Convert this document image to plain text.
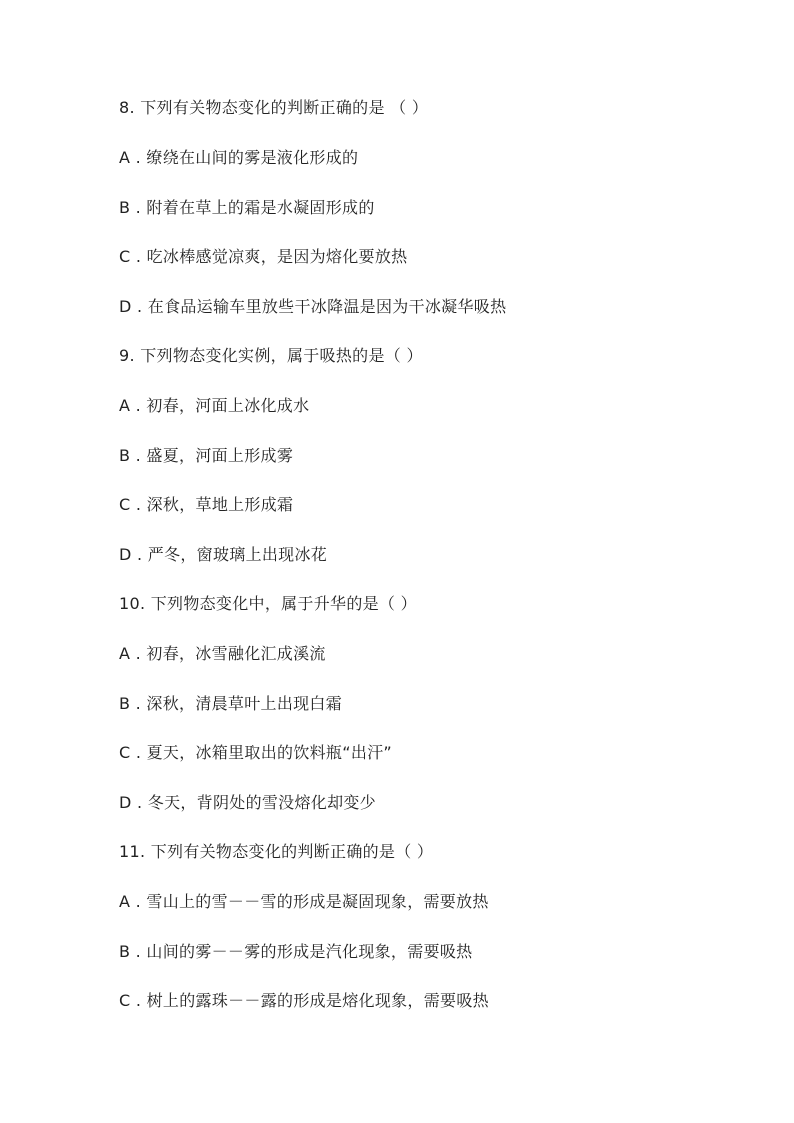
8. 下列有关物态变化的判断正确的是 （ ）
A . 缭绕在山间的雾是液化形成的
B . 附着在草上的霜是水凝固形成的
C . 吃冰棒感觉凉爽，是因为熔化要放热
D . 在食品运输车里放些干冰降温是因为干冰凝华吸热
9. 下列物态变化实例，属于吸热的是（ ）
A . 初春，河面上冰化成水
B . 盛夏，河面上形成雾
C . 深秋，草地上形成霜
D . 严冬，窗玻璃上出现冰花
10. 下列物态变化中，属于升华的是（ ）
A . 初春，冰雪融化汇成溪流
B . 深秋，清晨草叶上出现白霜
C . 夏天，冰箱里取出的饮料瓶“出汗”
D . 冬天，背阴处的雪没熔化却变少
11. 下列有关物态变化的判断正确的是（ ）
A . 雪山上的雪－－雪的形成是凝固现象，需要放热
B . 山间的雾－－雾的形成是汽化现象，需要吸热
C . 树上的露珠－－露的形成是熔化现象，需要吸热
